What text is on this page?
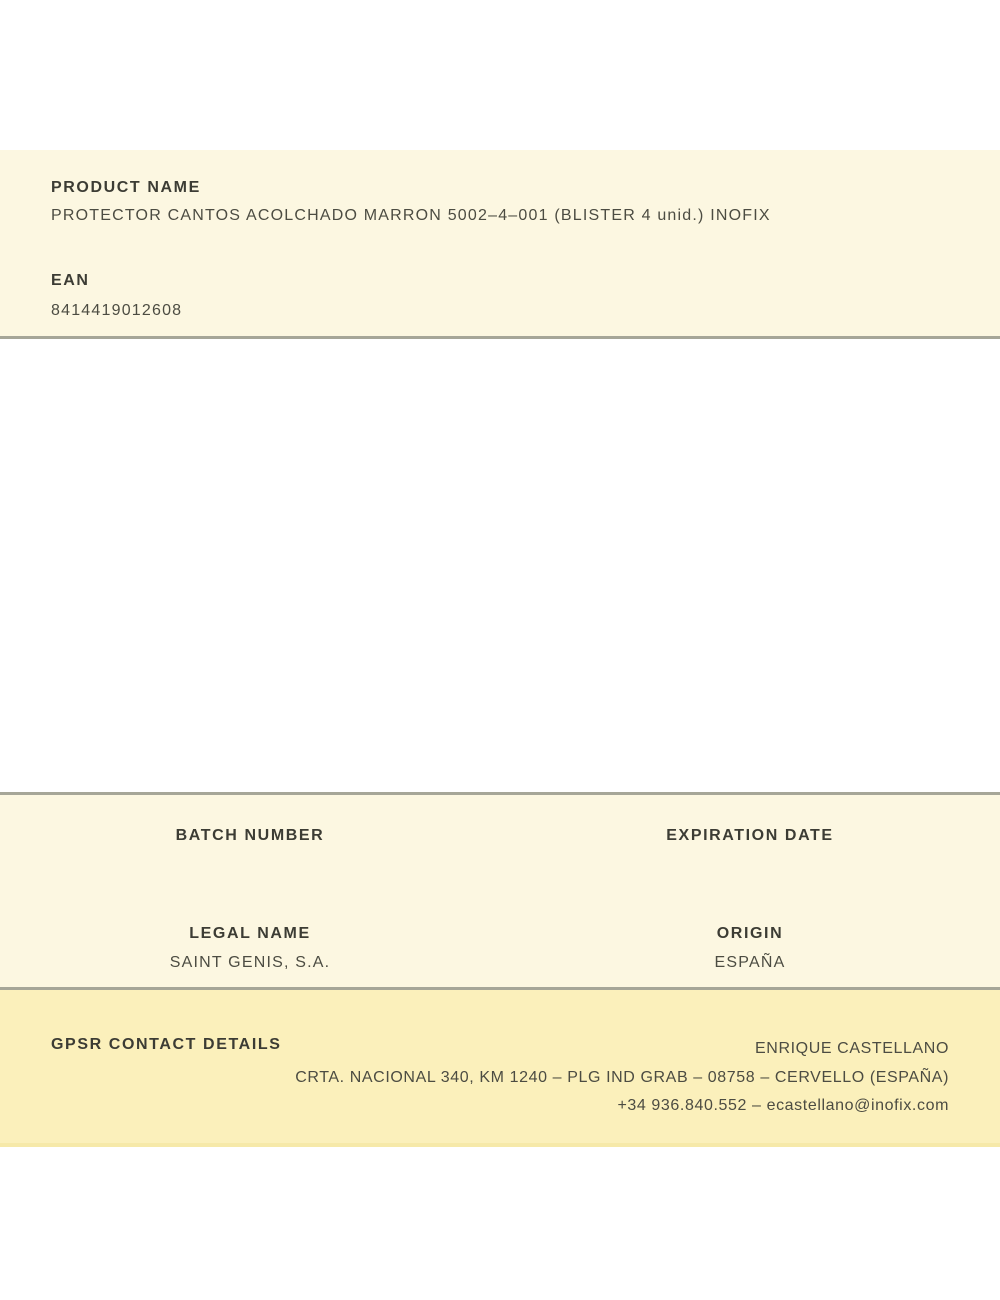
PRODUCT NAME
PROTECTOR CANTOS ACOLCHADO MARRON 5002–4–001 (BLISTER 4 unid.) INOFIX
EAN
8414419012608
BATCH NUMBER	EXPIRATION DATE
LEGAL NAME
SAINT GENIS, S.A.
ORIGIN
ESPAÑA
GPSR CONTACT DETAILS	ENRIQUE CASTELLANO
CRTA. NACIONAL 340, KM 1240 – PLG IND GRAB – 08758 – CERVELLO (ESPAÑA)
+34 936.840.552 – ecastellano@inofix.com
